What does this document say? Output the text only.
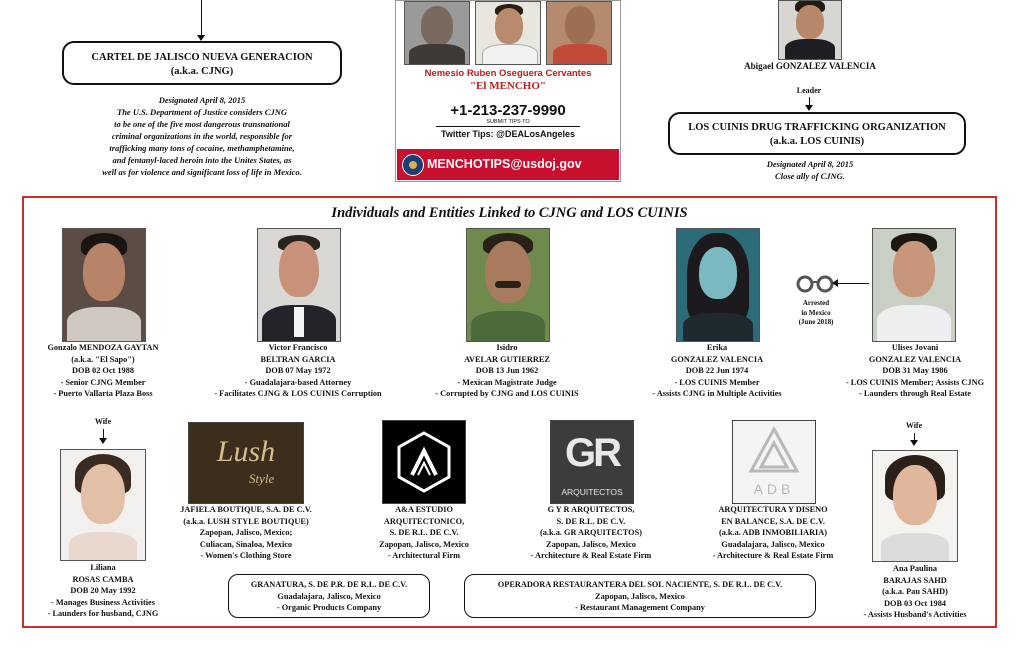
CARTEL DE JALISCO NUEVA GENERACION
(a.k.a. CJNG)
Designated April 8, 2015
The U.S. Department of Justice considers CJNG
to be one of the five most dangerous transnational
criminal organizations in the world, responsible for
trafficking many tons of cocaine, methamphetamine,
and fentanyl-laced heroin into the Unites States, as
well as for violence and significant loss of life in Mexico.
Nemesio Ruben Oseguera Cervantes
"El MENCHO"
+1-213-237-9990
SUBMIT TIPS TO
Twitter Tips: @DEALosAngeles
MENCHOTIPS@usdoj.gov
Abigael GONZALEZ VALENCIA
Leader
LOS CUINIS DRUG TRAFFICKING ORGANIZATION
(a.k.a. LOS CUINIS)
Designated April 8, 2015
Close ally of CJNG.
Individuals and Entities Linked to CJNG and LOS CUINIS
Arrested
in Mexico
(June 2018)
Gonzalo MENDOZA GAYTAN
(a.k.a. "El Sapo")
DOB 02 Oct 1988
- Senior CJNG Member
- Puerto Vallarta Plaza Boss
Victor Francisco
BELTRAN GARCIA
DOB 07 May 1972
- Guadalajara-based Attorney
- Facilitates CJNG & LOS CUINIS Corruption
Isidro
AVELAR GUTIERREZ
DOB 13 Jun 1962
- Mexican Magistrate Judge
- Corrupted by CJNG and LOS CUINIS
Erika
GONZALEZ VALENCIA
DOB 22 Jun 1974
- LOS CUINIS Member
- Assists CJNG in Multiple Activities
Ulises Jovani
GONZALEZ VALENCIA
DOB 31 May 1986
- LOS CUINIS Member; Assists CJNG
- Launders through Real Estate
Wife	Wife
Liliana
ROSAS CAMBA
DOB 20 May 1992
- Manages Business Activities
- Launders for husband, CJNG
Lush
Style
JAFIELA BOUTIQUE, S.A. DE C.V.
(a.k.a. LUSH STYLE BOUTIQUE)
Zapopan, Jalisco, Mexico;
Culiacan, Sinaloa, Mexico
- Women's Clothing Store
A&A ESTUDIO
ARQUITECTONICO,
S. DE R.L. DE C.V.
Zapopan, Jalisco, Mexico
- Architectural Firm
GR
ARQUITECTOS
G Y R ARQUITECTOS,
S. DE R.L. DE C.V.
(a.k.a. GR ARQUITECTOS)
Zapopan, Jalisco, Mexico
- Architecture & Real Estate Firm
ADB
ARQUITECTURA Y DISENO
EN BALANCE, S.A. DE C.V.
(a.k.a. ADB INMOBILIARIA)
Guadalajara, Jalisco, Mexico
- Architecture & Real Estate Firm
Ana Paulina
BARAJAS SAHD
(a.k.a. Pau SAHD)
DOB 03 Oct 1984
- Assists Husband's Activities
GRANATURA, S. DE P.R. DE R.L. DE C.V.
Guadalajara, Jalisco, Mexico
- Organic Products Company
OPERADORA RESTAURANTERA DEL SOL NACIENTE, S. DE R.L. DE C.V.
Zapopan, Jalisco, Mexico
- Restaurant Management Company
